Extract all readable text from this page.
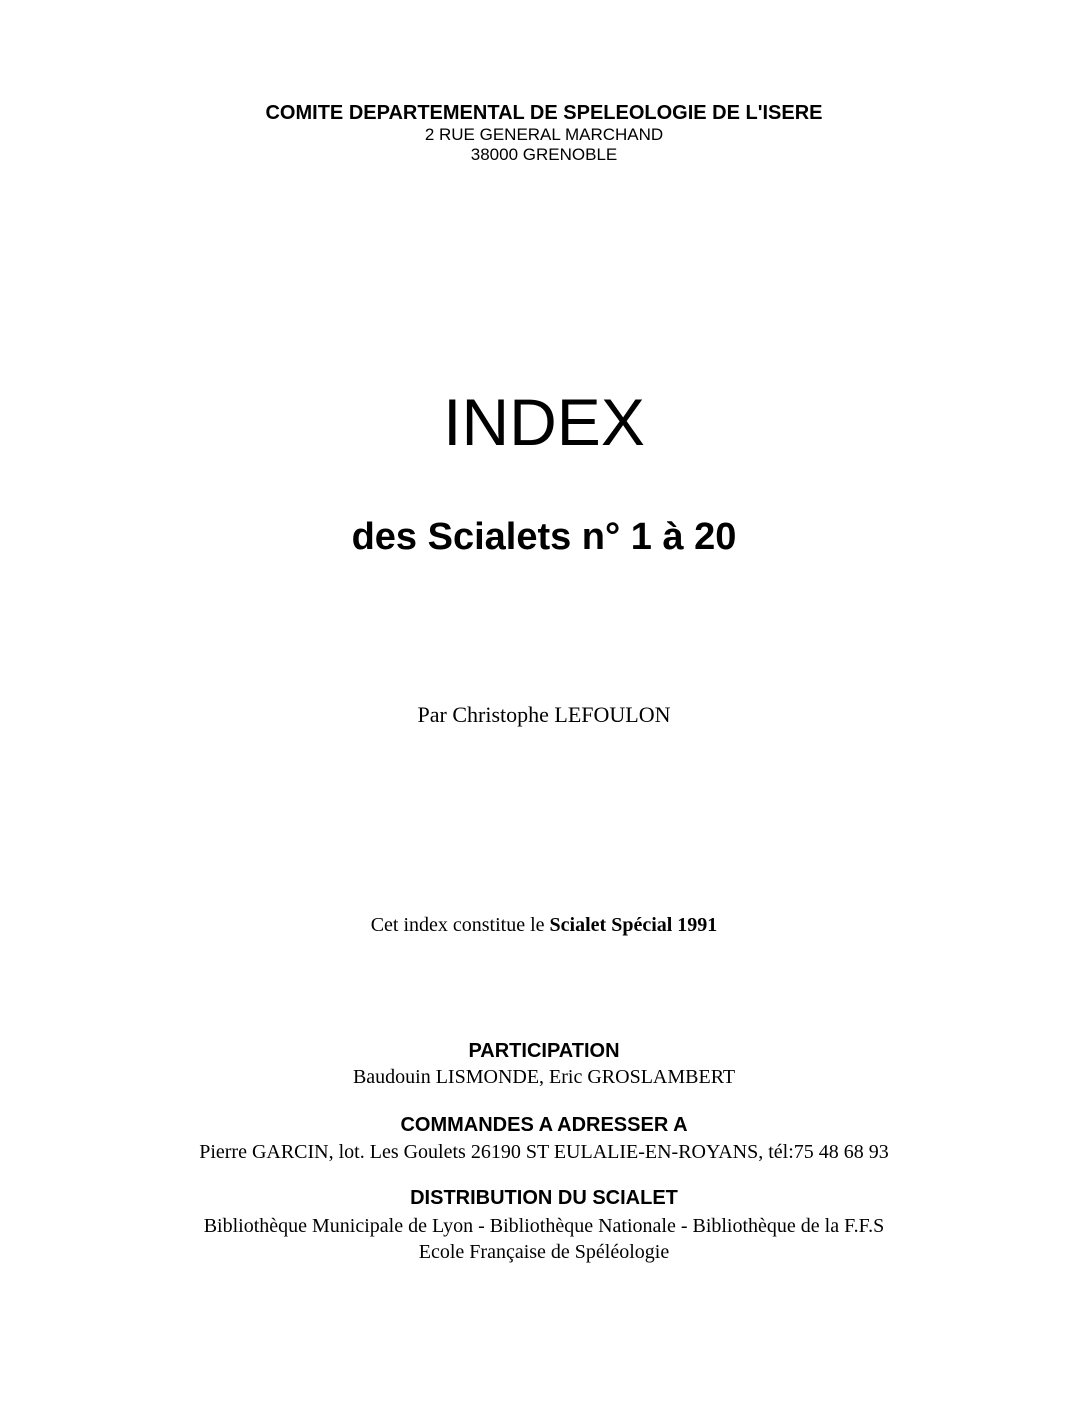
COMITE DEPARTEMENTAL DE SPELEOLOGIE DE L'ISERE
2 RUE GENERAL MARCHAND
38000 GRENOBLE
INDEX
des Scialets n° 1 à 20
Par Christophe LEFOULON
Cet index constitue le Scialet Spécial 1991
PARTICIPATION
Baudouin LISMONDE, Eric GROSLAMBERT
COMMANDES A ADRESSER A
Pierre GARCIN, lot. Les Goulets 26190 ST EULALIE-EN-ROYANS, tél:75 48 68 93
DISTRIBUTION DU SCIALET
Bibliothèque Municipale de Lyon - Bibliothèque Nationale - Bibliothèque de la F.F.S
Ecole Française de Spéléologie
